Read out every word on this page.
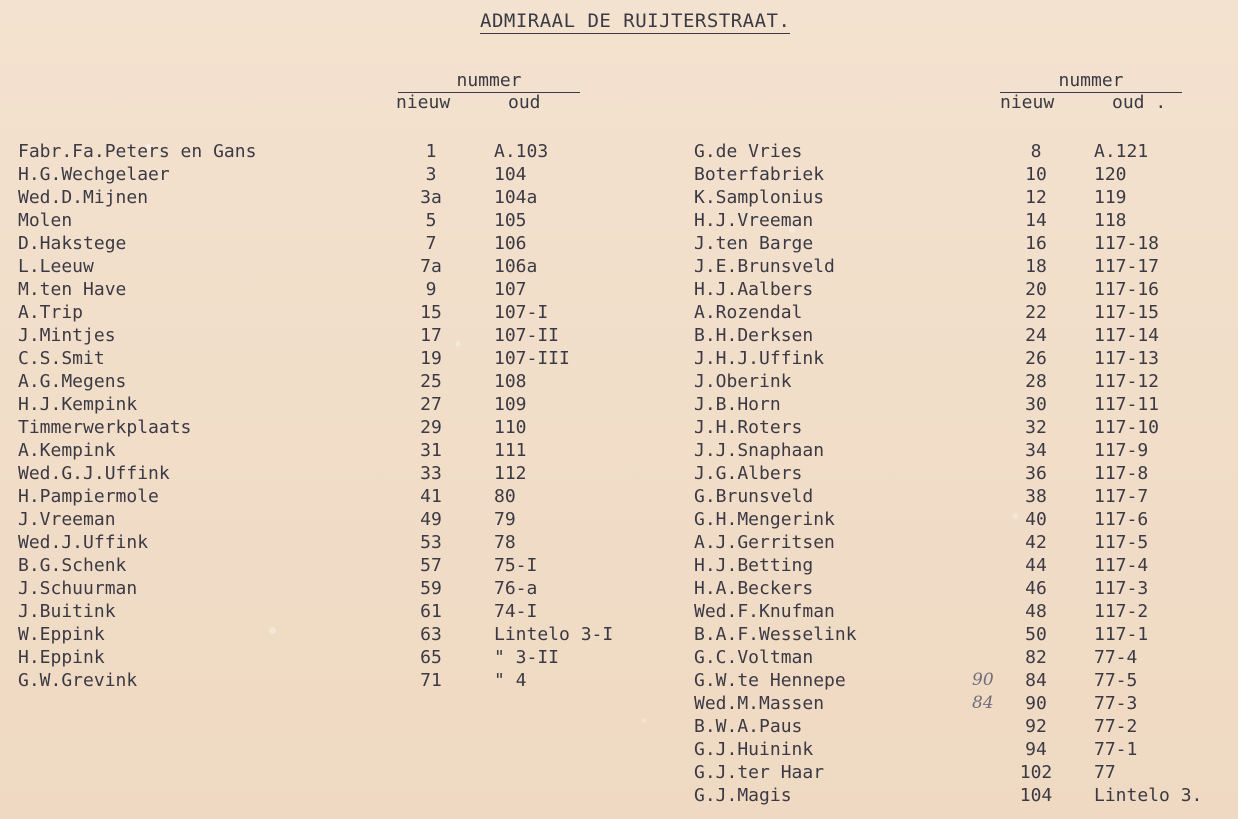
ADMIRAAL DE RUIJTERSTRAAT.
nummer
nieuw	oud
nummer
nieuw	oud .
Fabr.Fa.Peters en Gans	1	A.103
H.G.Wechgelaer	3	104
Wed.D.Mijnen	3a	104a
Molen	5	105
D.Hakstege	7	106
L.Leeuw	7a	106a
M.ten Have	9	107
A.Trip	15	107-I
J.Mintjes	17	107-II
C.S.Smit	19	107-III
A.G.Megens	25	108
H.J.Kempink	27	109
Timmerwerkplaats	29	110
A.Kempink	31	111
Wed.G.J.Uffink	33	112
H.Pampiermole	41	80
J.Vreeman	49	79
Wed.J.Uffink	53	78
B.G.Schenk	57	75-I
J.Schuurman	59	76-a
J.Buitink	61	74-I
W.Eppink	63	Lintelo 3-I
H.Eppink	65	" 3-II
G.W.Grevink	71	" 4
G.de Vries	8	A.121
Boterfabriek	10	120
K.Samplonius	12	119
H.J.Vreeman	14	118
J.ten Barge	16	117-18
J.E.Brunsveld	18	117-17
H.J.Aalbers	20	117-16
A.Rozendal	22	117-15
B.H.Derksen	24	117-14
J.H.J.Uffink	26	117-13
J.Oberink	28	117-12
J.B.Horn	30	117-11
J.H.Roters	32	117-10
J.J.Snaphaan	34	117-9
J.G.Albers	36	117-8
G.Brunsveld	38	117-7
G.H.Mengerink	40	117-6
A.J.Gerritsen	42	117-5
H.J.Betting	44	117-4
H.A.Beckers	46	117-3
Wed.F.Knufman	48	117-2
B.A.F.Wesselink	50	117-1
G.C.Voltman	82	77-4
G.W.te Hennepe	84	77-5
Wed.M.Massen	90	77-3
B.W.A.Paus	92	77-2
G.J.Huinink	94	77-1
G.J.ter Haar	102	77
G.J.Magis	104	Lintelo 3.
90
84
